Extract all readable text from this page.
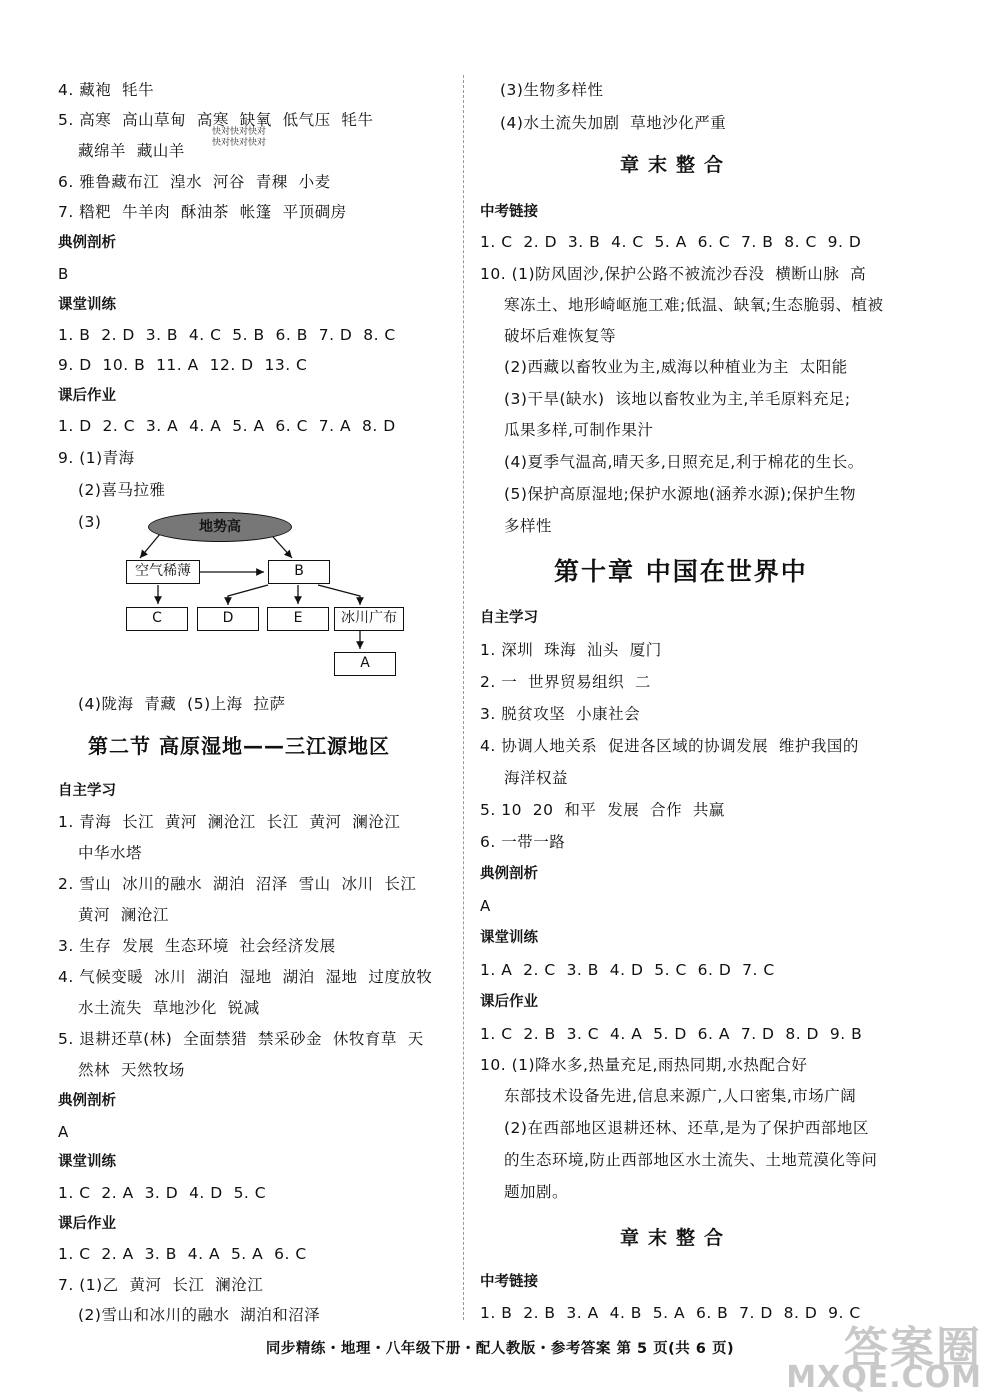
4. 藏袍  牦牛
5. 高寒  高山草甸  高寒  缺氧  低气压  牦牛
快对快对快对
快对快对快对
藏绵羊  藏山羊
6. 雅鲁藏布江  湟水  河谷  青稞  小麦
7. 糌粑  牛羊肉  酥油茶  帐篷  平顶碉房
典例剖析
B
课堂训练
1. B  2. D  3. B  4. C  5. B  6. B  7. D  8. C
9. D  10. B  11. A  12. D  13. C
课后作业
1. D  2. C  3. A  4. A  5. A  6. C  7. A  8. D
9. (1)青海
(2)喜马拉雅
(3)	地势高
空气稀薄	B
C	D	E	冰川广布
A
(4)陇海  青藏  (5)上海  拉萨
第二节 高原湿地——三江源地区
自主学习
1. 青海  长江  黄河  澜沧江  长江  黄河  澜沧江
中华水塔
2. 雪山  冰川的融水  湖泊  沼泽  雪山  冰川  长江
黄河  澜沧江
3. 生存  发展  生态环境  社会经济发展
4. 气候变暖  冰川  湖泊  湿地  湖泊  湿地  过度放牧
水土流失  草地沙化  锐减
5. 退耕还草(林)  全面禁猎  禁采砂金  休牧育草  天
然林  天然牧场
典例剖析
A
课堂训练
1. C  2. A  3. D  4. D  5. C
课后作业
1. C  2. A  3. B  4. A  5. A  6. C
7. (1)乙  黄河  长江  澜沧江
(2)雪山和冰川的融水  湖泊和沼泽
(3)生物多样性
(4)水土流失加剧  草地沙化严重
章末整合
中考链接
1. C  2. D  3. B  4. C  5. A  6. C  7. B  8. C  9. D
10. (1)防风固沙,保护公路不被流沙吞没  横断山脉  高
寒冻土、地形崎岖施工难;低温、缺氧;生态脆弱、植被
破坏后难恢复等
(2)西藏以畜牧业为主,威海以种植业为主  太阳能
(3)干旱(缺水)  该地以畜牧业为主,羊毛原料充足;
瓜果多样,可制作果汁
(4)夏季气温高,晴天多,日照充足,利于棉花的生长。
(5)保护高原湿地;保护水源地(涵养水源);保护生物
多样性
第十章 中国在世界中
自主学习
1. 深圳  珠海  汕头  厦门
2. 一  世界贸易组织  二
3. 脱贫攻坚  小康社会
4. 协调人地关系  促进各区域的协调发展  维护我国的
海洋权益
5. 10  20  和平  发展  合作  共赢
6. 一带一路
典例剖析
A
课堂训练
1. A  2. C  3. B  4. D  5. C  6. D  7. C
课后作业
1. C  2. B  3. C  4. A  5. D  6. A  7. D  8. D  9. B
10. (1)降水多,热量充足,雨热同期,水热配合好
东部技术设备先进,信息来源广,人口密集,市场广阔
(2)在西部地区退耕还林、还草,是为了保护西部地区
的生态环境,防止西部地区水土流失、土地荒漠化等问
题加剧。
章末整合
中考链接
1. B  2. B  3. A  4. B  5. A  6. B  7. D  8. D  9. C
同步精练・地理・八年级下册・配人教版・参考答案 第 5 页(共 6 页)	答案圈
MXQE.COM
